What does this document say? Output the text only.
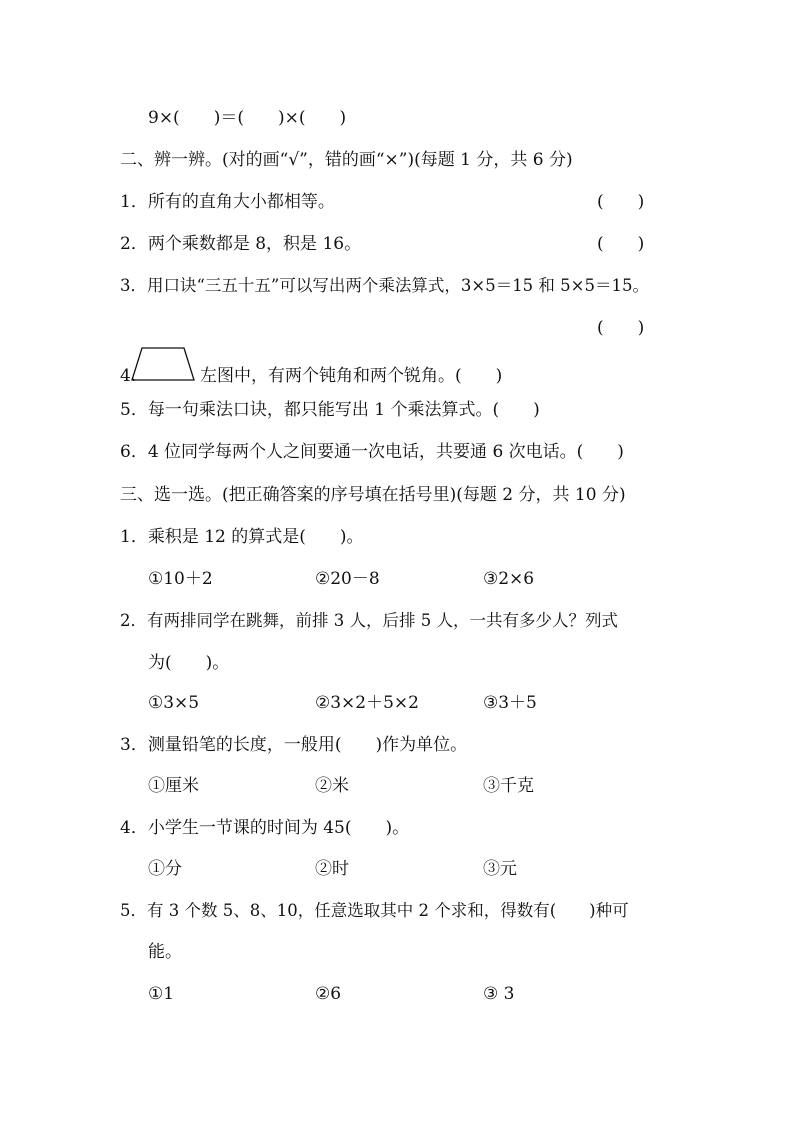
9×(　　)＝(　　)×(　　)
二、辨一辨。(对的画“√”，错的画“×”)(每题 1 分，共 6 分)
1．所有的直角大小都相等。	(　　)
2．两个乘数都是 8，积是 16。	(　　)
3．用口诀“三五十五”可以写出两个乘法算式，3×5＝15 和 5×5＝15。
(　　)
4.	左图中，有两个钝角和两个锐角。(　　)
5．每一句乘法口诀，都只能写出 1 个乘法算式。(　　)
6．4 位同学每两个人之间要通一次电话，共要通 6 次电话。(　　)
三、选一选。(把正确答案的序号填在括号里)(每题 2 分，共 10 分)
1．乘积是 12 的算式是(　　)。
①10＋2	②20－8	③2×6
2．有两排同学在跳舞，前排 3 人，后排 5 人，一共有多少人？列式
为(　　)。
①3×5	②3×2＋5×2	③3＋5
3．测量铅笔的长度，一般用(　　)作为单位。
①厘米	②米	③千克
4．小学生一节课的时间为 45(　　)。
①分	②时	③元
5．有 3 个数 5、8、10，任意选取其中 2 个求和，得数有(　　)种可
能。
①1	②6	③ 3
